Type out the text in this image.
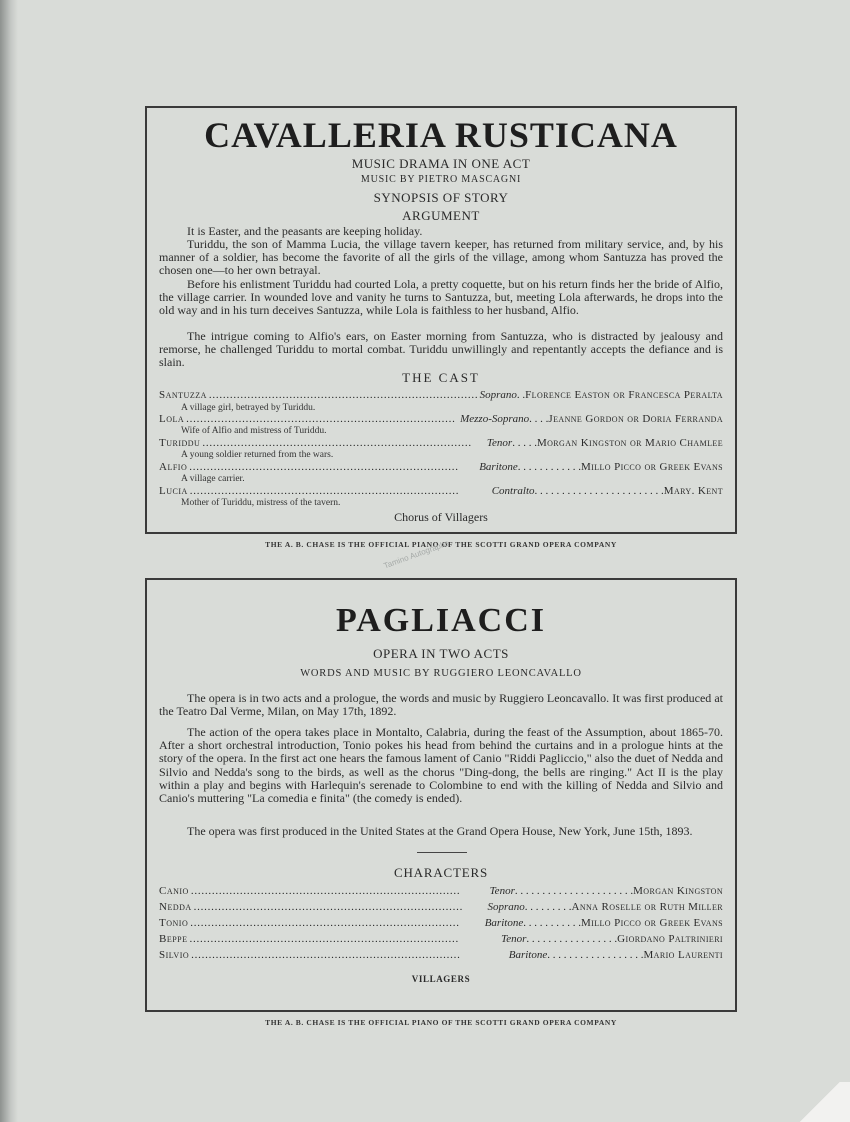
CAVALLERIA RUSTICANA
MUSIC DRAMA IN ONE ACT
MUSIC BY PIETRO MASCAGNI
SYNOPSIS OF STORY
ARGUMENT
It is Easter, and the peasants are keeping holiday.
Turiddu, the son of Mamma Lucia, the village tavern keeper, has returned from military service, and, by his manner of a soldier, has become the favorite of all the girls of the village, among whom Santuzza has proved the chosen one—to her own betrayal.
Before his enlistment Turiddu had courted Lola, a pretty coquette, but on his return finds her the bride of Alfio, the village carrier. In wounded love and vanity he turns to Santuzza, but, meeting Lola afterwards, he drops into the old way and in his turn deceives Santuzza, while Lola is faithless to her husband, Alfio.
The intrigue coming to Alfio's ears, on Easter morning from Santuzza, who is distracted by jealousy and remorse, he challenged Turiddu to mortal combat. Turiddu unwillingly and repentantly accepts the defiance and is slain.
THE CAST
Santuzza . . .	Soprano . . Florence Easton or Francesca Peralta
A village girl, betrayed by Turiddu.
Lola . . .	Mezzo-Soprano . . . . Jeanne Gordon or Doria Ferranda
Wife of Alfio and mistress of Turiddu.
Turiddu . . .	Tenor . . . . . Morgan Kingston or Mario Chamlee
A young soldier returned from the wars.
Alfio . . .	Baritone . . . . . . . . . . . . Millo Picco or Greek Evans
A village carrier.
Lucia . . .	Contralto . . . . . . . . . . . . . . . . . . . . . . . . Mary. Kent
Mother of Turiddu, mistress of the tavern.
Chorus of Villagers
THE A. B. CHASE IS THE OFFICIAL PIANO OF THE SCOTTI GRAND OPERA COMPANY
Tamino Autographs
PAGLIACCI
OPERA IN TWO ACTS
WORDS AND MUSIC BY RUGGIERO LEONCAVALLO
The opera is in two acts and a prologue, the words and music by Ruggiero Leoncavallo. It was first produced at the Teatro Dal Verme, Milan, on May 17th, 1892.
The action of the opera takes place in Montalto, Calabria, during the feast of the Assumption, about 1865-70. After a short orchestral introduction, Tonio pokes his head from behind the curtains and in a prologue hints at the story of the opera. In the first act one hears the famous lament of Canio "Riddi Pagliccio," also the duet of Nedda and Silvio and Nedda's song to the birds, as well as the chorus "Ding-dong, the bells are ringing." Act II is the play within a play and begins with Harlequin's serenade to Colombine to end with the killing of Nedda and Silvio and Canio's muttering "La comedia e finita" (the comedy is ended).
The opera was first produced in the United States at the Grand Opera House, New York, June 15th, 1893.
CHARACTERS
Canio . . .	Tenor . . . . . . . . . . . . . . . . . . . . . . Morgan Kingston
Nedda . . .	Soprano . . . . . . . . . Anna Roselle or Ruth Miller
Tonio . . .	Baritone . . . . . . . . . . . Millo Picco or Greek Evans
Beppe . . .	Tenor . . . . . . . . . . . . . . . . . Giordano Paltrinieri
Silvio . . .	Baritone . . . . . . . . . . . . . . . . . . Mario Laurenti
VILLAGERS
THE A. B. CHASE IS THE OFFICIAL PIANO OF THE SCOTTI GRAND OPERA COMPANY
